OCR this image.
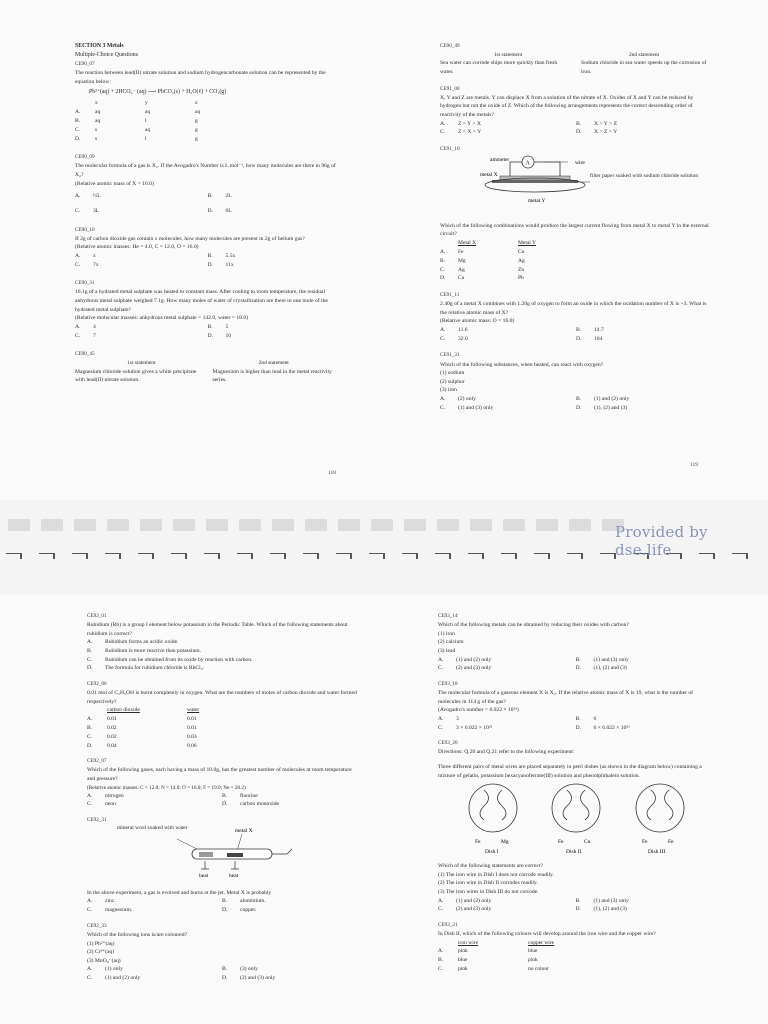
SECTION 3 Metals
Multiple-Choice Questions
CE90_07
The reaction between lead(II) nitrate solution and sodium hydrogencarbonate solution can be represented by the equation below:
Pb²⁺(aq) + 2HCO₃⁻ (aq) ⟶ PbCO₃(s) + H₂O(ℓ) + CO₂(g)
x	y	z
A.	aq	aq	aq
B.	aq	l	g
C.	s	aq	g
D.	s	l	g
CE90_09
The molecular formula of a gas is X₂. If the Avogadro's Number is L mol⁻¹, how many molecules are there in 96g of X₂?
(Relative atomic mass of X = 16.0)
A.	½L	B.	2L
C.	3L	D.	6L
CE90_10
If 2g of carbon dioxide gas contain x molecules, how many molecules are present in 2g of helium gas?
(Relative atomic masses: He = 4.0, C = 12.0, O = 16.0)
A.	x	B.	5.5x
C.	7x	D.	11x
CE90_31
16.1g of a hydrated metal sulphate was heated to constant mass. After cooling to room temperature, the residual anhydrous metal sulphate weighed 7.1g. How many moles of water of crystallization are there in one mole of the hydrated metal sulphate?
(Relative molecular masses: anhydrous metal sulphate = 142.0, water = 18.0)
A.	4	B.	5
C.	7	D.	10
CE90_45
1st statement	2nd statement
Magnesium chloride solution gives a white precipitate with lead(II) nitrate solution.
Magnesium is higher than lead in the metal reactivity series.
118
CE90_49
1st statement	2nd statement
Sea water can corrode ships more quickly than fresh water.
Sodium chloride in sea water speeds up the corrosion of iron.
CE91_08
X, Y and Z are metals. Y can displace X from a solution of the nitrate of X. Oxides of X and Y can be reduced by hydrogen but not the oxide of Z. Which of the following arrangements represents the correct descending order of reactivity of the metals?
A.	Z > Y > X	B.	X > Y > Z
C.	Z > X > Y	D.	X > Z > Y
CE91_10
A
ammeter	wire
metal X	filter paper soaked with sodium chloride solution
metal Y
Which of the following combinations would produce the largest current flowing from metal X to metal Y in the external circuit?
Metal X	Metal Y
A.	Fe	Cu
B.	Mg	Ag
C.	Ag	Zn
D.	Cu	Pb
CE91_11
2.40g of a metal X combines with 1.20g of oxygen to form an oxide in which the oxidation number of X is +3. What is the relative atomic mass of X?
(Relative atomic mass: O = 16.0)
A.	11.6	B.	14.7
C.	32.0	D.	104
CE91_31
Which of the following substances, when heated, can react with oxygen?
(1) sodium
(2) sulphur
(3) iron
A.	(2) only	B.	(1) and (2) only
C.	(1) and (3) only	D.	(1), (2) and (3)
119
Provided by dse.life
CE92_01
Rubidium (Rb) is a group I element below potassium in the Periodic Table. Which of the following statements about rubidium is correct?
A.	Rubidium forms an acidic oxide.
B.	Rubidium is more reactive than potassium.
C.	Rubidium can be obtained from its oxide by reaction with carbon.
D.	The formula for rubidium chloride is RbCl₂.
CE92_06
0.01 mol of C₂H₅OH is burnt completely in oxygen. What are the numbers of moles of carbon dioxide and water formed respectively?
carbon dioxide	water
A.	0.01	0.01
B.	0.02	0.01
C.	0.02	0.03
D.	0.04	0.06
CE92_07
Which of the following gases, each having a mass of 10.0g, has the greatest number of molecules at room temperature and pressure?
(Relative atomic masses: C = 12.0; N = 14.0; O = 16.0; F = 19.0; Ne = 20.2)
A.	nitrogen	B.	fluorine
C.	neon	D.	carbon monoxide
CE92_31
mineral wool soaked with water	metal X
heat	heat
In the above experiment, a gas is evolved and burns at the jet. Metal X is probably
A.	zinc.	B.	aluminium.
C.	magnesium.	D.	copper.
CE92_33
Which of the following ions is/are coloured?
(1) Pb²⁺(aq)
(2) Cr³⁺(aq)
(3) MnO₄⁻(aq)
A.	(1) only	B.	(3) only
C.	(1) and (2) only	D.	(2) and (3) only
CE93_14
Which of the following metals can be obtained by reducing their oxides with carbon?
(1) iron
(2) calcium
(3) lead
A.	(1) and (2) only	B.	(1) and (3) only
C.	(2) and (3) only	D.	(1), (2) and (3)
CE93_18
The molecular formula of a gaseous element X is X₂. If the relative atomic mass of X is 19, what is the number of molecules in 114 g of the gas?
(Avogadro's number = 6.022 × 10²³)
A.	3	B.	6
C.	3 × 6.022 × 10²³	D.	6 × 6.022 × 10²³
CE93_20
Directions: Q.20 and Q.21 refer to the following experiment:
Three different pairs of metal wires are placed separately in petri dishes (as shown in the diagram below) containing a mixture of gelatin, potassium hexacyanoferrate(III) solution and phenolphthalein solution.
Fe	Mg
Dish I
Fe	Cu
Dish II
Fe	Fe
Dish III
Which of the following statements are correct?
(1) The iron wire in Dish I does not corrode readily.
(2) The iron wire in Dish II corrodes readily.
(3) The iron wires in Dish III do not corrode.
A.	(1) and (2) only	B.	(1) and (3) only
C.	(2) and (3) only	D.	(1), (2) and (3)
CE93_21
In Dish II, which of the following colours will develop around the iron wire and the copper wire?
iron wire	copper wire
A.	pink	blue
B.	blue	pink
C.	pink	no colour
